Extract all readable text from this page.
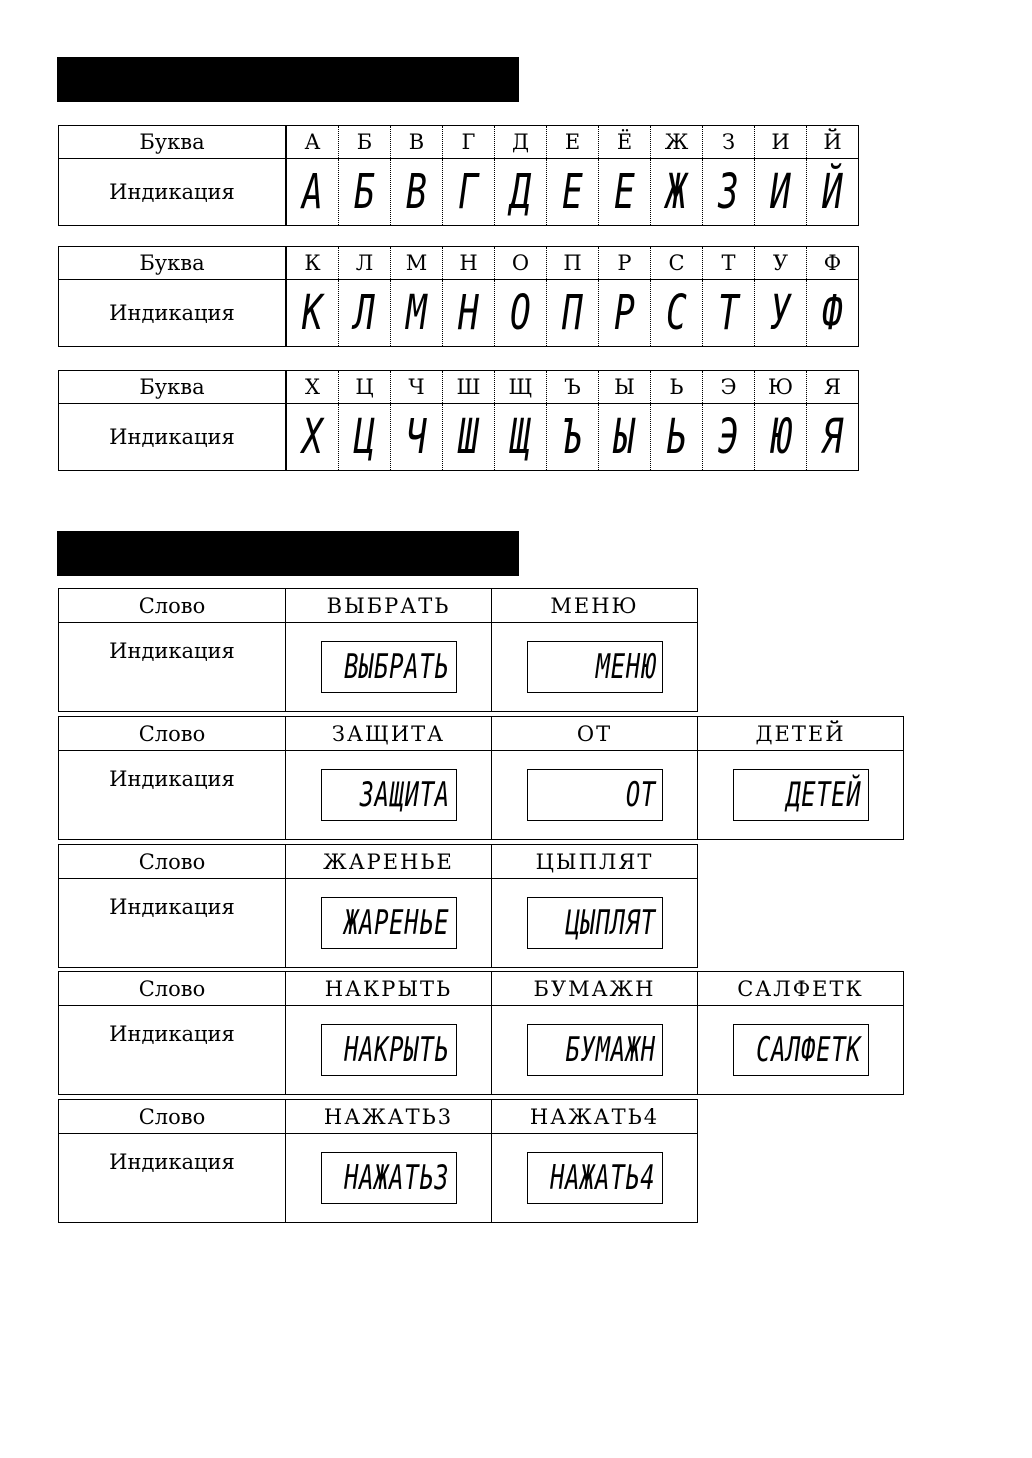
Буква	А	Б	В	Г	Д	Е	Ё	Ж	З	И	Й
Индикация	А	Б	В	Г	Д	Е	Е	Ж	З	И	Й
Буква	К	Л	М	Н	О	П	Р	С	Т	У	Ф
Индикация	К	Л	М	Н	О	П	Р	С	Т	У	Ф
Буква	Х	Ц	Ч	Ш	Щ	Ъ	Ы	Ь	Э	Ю	Я
Индикация	Х	Ц	Ч	Ш	Щ	Ъ	Ы	Ь	Э	Ю	Я
Слово	ВЫБРАТЬ	МЕНЮ
Индикация	ВЫБРАТЬ	МЕНЮ
Слово	ЗАЩИТА	ОТ	ДЕТЕЙ
Индикация	ЗАЩИТА	ОТ	ДЕТЕЙ
Слово	ЖАРЕНЬЕ	ЦЫПЛЯТ
Индикация	ЖАРЕНЬЕ	ЦЫПЛЯТ
Слово	НАКРЫТЬ	БУМАЖН	САЛФЕТК
Индикация	НАКРЫТЬ	БУМАЖН	САЛФЕТК
Слово	НАЖАТЬ3	НАЖАТЬ4
Индикация	НАЖАТЬ3	НАЖАТЬ4
